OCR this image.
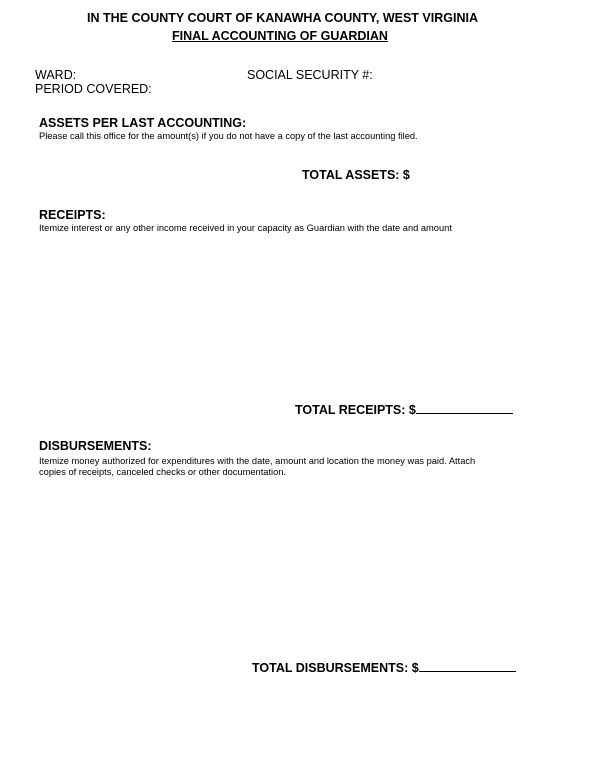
IN THE COUNTY COURT OF KANAWHA COUNTY, WEST VIRGINIA
FINAL ACCOUNTING OF GUARDIAN
WARD:
PERIOD COVERED:
SOCIAL SECURITY #:
ASSETS PER LAST ACCOUNTING:
Please call this office for the amount(s) if you do not have a copy of the last accounting filed.
TOTAL ASSETS: $
RECEIPTS:
Itemize interest or any other income received in your capacity as Guardian with the date and amount
TOTAL RECEIPTS: $
DISBURSEMENTS:
Itemize money authorized for expenditures with the date, amount and location the money was paid. Attach
copies of receipts, canceled checks or other documentation.
TOTAL DISBURSEMENTS: $
